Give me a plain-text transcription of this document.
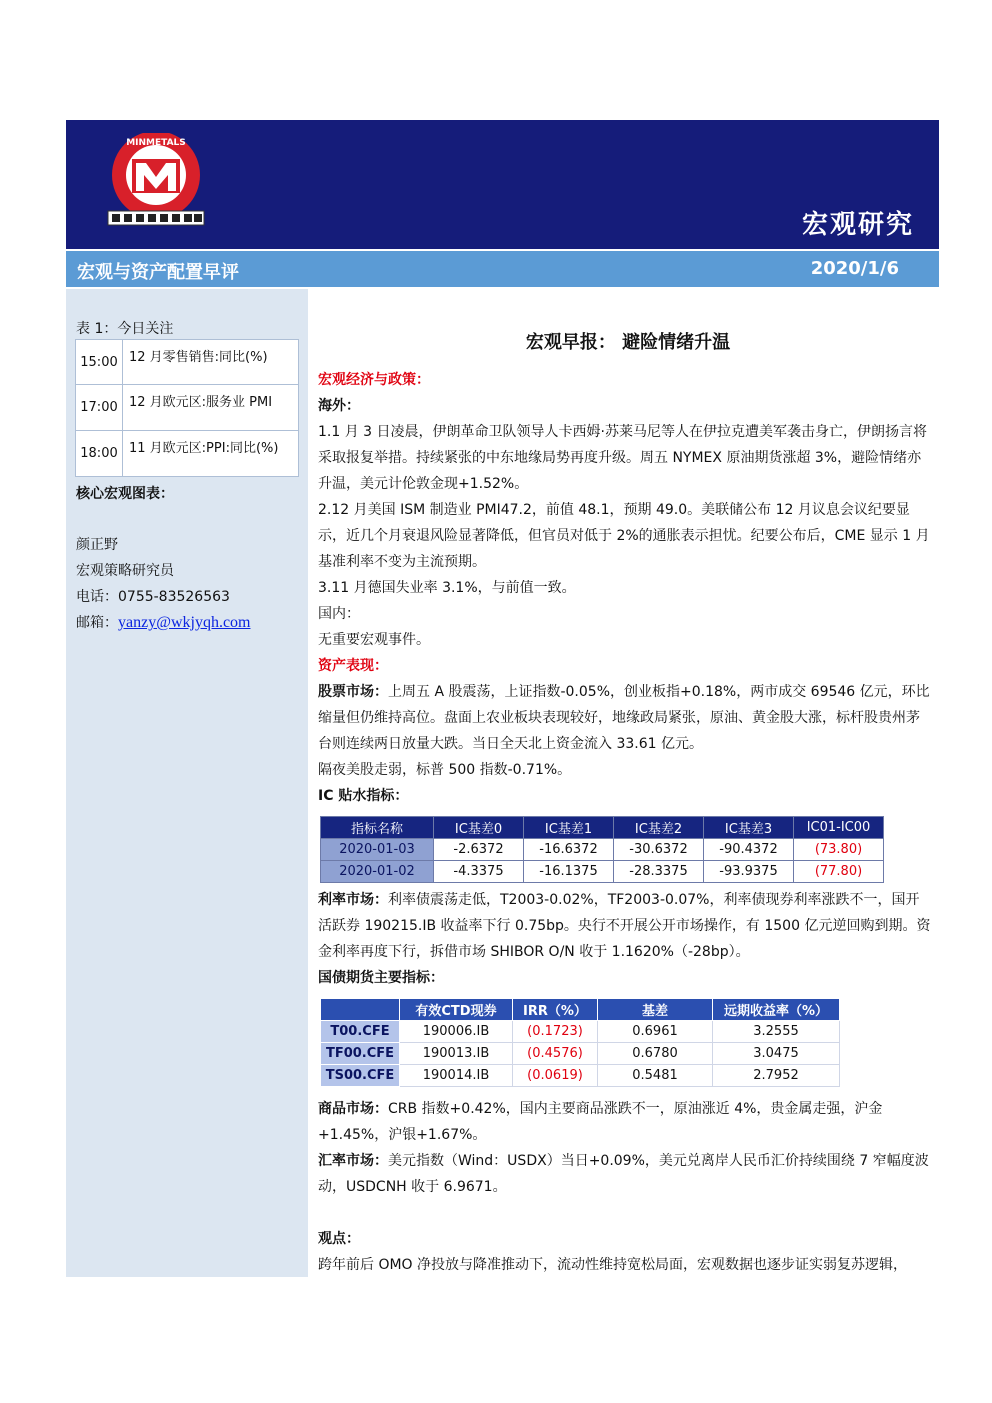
MINMETALS
宏观研究
宏观与资产配置早评	2020/1/6
表 1：今日关注
15:00	12 月零售销售:同比(%)
17:00	12 月欧元区:服务业 PMI
18:00	11 月欧元区:PPI:同比(%)
核心宏观图表：
颜正野
宏观策略研究员
电话：0755-83526563
邮箱：yanzy@wkjyqh.com
宏观早报： 避险情绪升温
宏观经济与政策：
海外：
1.1 月 3 日凌晨，伊朗革命卫队领导人卡西姆·苏莱马尼等人在伊拉克遭美军袭击身亡，伊朗扬言将采取报复举措。持续紧张的中东地缘局势再度升级。周五 NYMEX 原油期货涨超 3%，避险情绪亦升温，美元计伦敦金现+1.52%。
2.12 月美国 ISM 制造业 PMI47.2，前值 48.1，预期 49.0。美联储公布 12 月议息会议纪要显示，近几个月衰退风险显著降低，但官员对低于 2%的通胀表示担忧。纪要公布后，CME 显示 1 月基准利率不变为主流预期。
3.11 月德国失业率 3.1%，与前值一致。
国内：
无重要宏观事件。
资产表现：
股票市场：上周五 A 股震荡，上证指数-0.05%，创业板指+0.18%，两市成交 69546 亿元，环比缩量但仍维持高位。盘面上农业板块表现较好，地缘政局紧张，原油、黄金股大涨，标杆股贵州茅台则连续两日放量大跌。当日全天北上资金流入 33.61 亿元。
隔夜美股走弱，标普 500 指数-0.71%。
IC 贴水指标：
指标名称	IC基差0	IC基差1	IC基差2	IC基差3	IC01-IC00
2020-01-03	-2.6372	-16.6372	-30.6372	-90.4372	(73.80)
2020-01-02	-4.3375	-16.1375	-28.3375	-93.9375	(77.80)
利率市场：利率债震荡走低，T2003-0.02%，TF2003-0.07%，利率债现券利率涨跌不一，国开活跃券 190215.IB 收益率下行 0.75bp。央行不开展公开市场操作，有 1500 亿元逆回购到期。资金利率再度下行，拆借市场 SHIBOR O/N 收于 1.1620%（-28bp）。
国债期货主要指标：
	有效CTD现券	IRR（%）	基差	远期收益率（%）
T00.CFE	190006.IB	(0.1723)	0.6961	3.2555
TF00.CFE	190013.IB	(0.4576)	0.6780	3.0475
TS00.CFE	190014.IB	(0.0619)	0.5481	2.7952
商品市场：CRB 指数+0.42%，国内主要商品涨跌不一，原油涨近 4%，贵金属走强，沪金+1.45%，沪银+1.67%。
汇率市场：美元指数（Wind：USDX）当日+0.09%，美元兑离岸人民币汇价持续围绕 7 窄幅度波动，USDCNH 收于 6.9671。
观点：
跨年前后 OMO 净投放与降准推动下，流动性维持宽松局面，宏观数据也逐步证实弱复苏逻辑，
